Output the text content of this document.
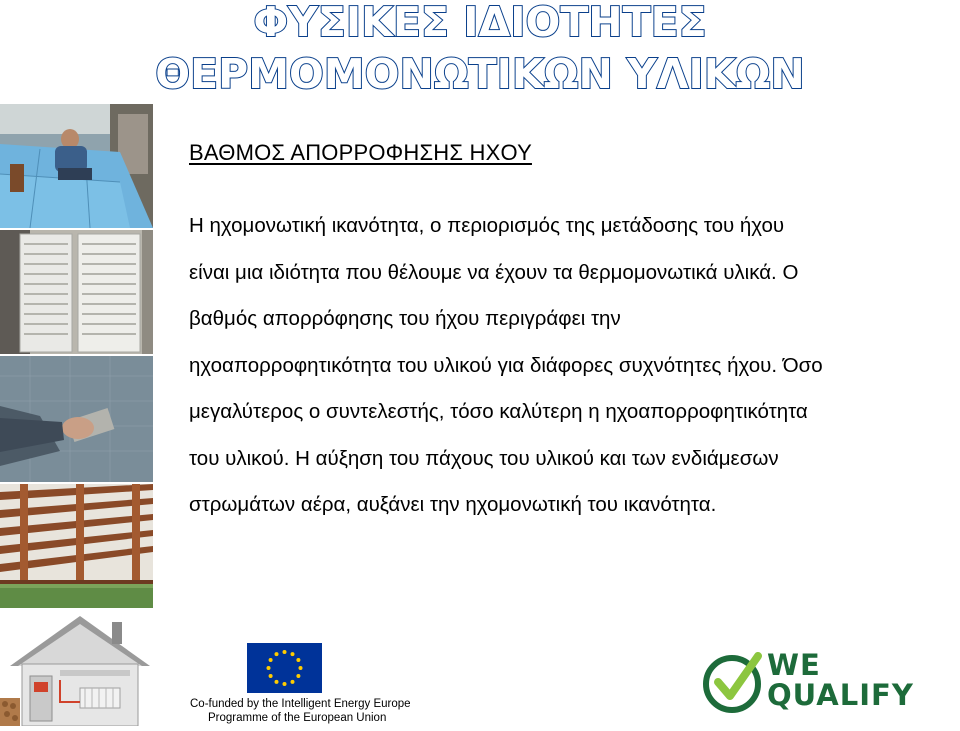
ΦΥΣΙΚΕΣ ΙΔΙΟΤΗΤΕΣ
ΘΕΡΜΟΜΟΝΩΤΙΚΩΝ ΥΛΙΚΩΝ
ΒΑΘΜΟΣ ΑΠΟΡΡΟΦΗΣΗΣ ΗΧΟΥ
Η ηχομονωτική ικανότητα, ο περιορισμός της μετάδοσης του ήχου
είναι μια ιδιότητα που θέλουμε να έχουν τα θερμομονωτικά υλικά. Ο
βαθμός απορρόφησης του ήχου περιγράφει την
ηχοαπορροφητικότητα του υλικού για διάφορες συχνότητες ήχου. Όσο
μεγαλύτερος ο συντελεστής, τόσο καλύτερη η ηχοαπορροφητικότητα
του υλικού. Η αύξηση του πάχους του υλικού και των ενδιάμεσων
στρωμάτων αέρα, αυξάνει την ηχομονωτική του ικανότητα.
Co-funded by the Intelligent Energy Europe
Programme of the European Union
WE
QUALIFY
